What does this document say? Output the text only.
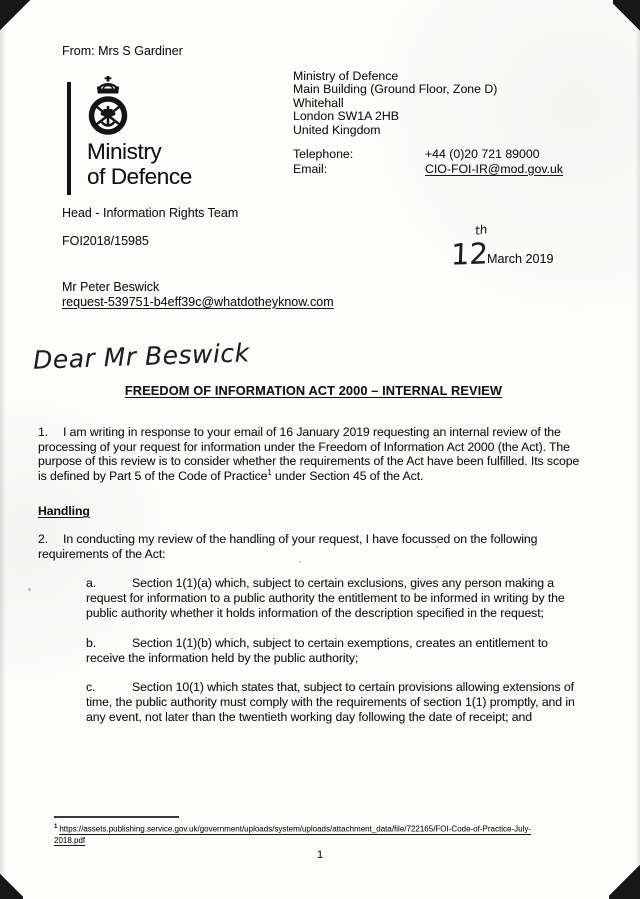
From: Mrs S Gardiner
Ministry
of Defence
Ministry of Defence
Main Building (Ground Floor, Zone D)
Whitehall
London SW1A 2HB
United Kingdom
Telephone:	+44 (0)20 721 89000
Email:	CIO-FOI-IR@mod.gov.uk
Head - Information Rights Team
FOI2018/15985	12
th
March 2019
Mr Peter Beswick
request-539751-b4eff39c@whatdotheyknow.com
Dear Mr Beswick
FREEDOM OF INFORMATION ACT 2000 – INTERNAL REVIEW

1. I am writing in response to your email of 16 January 2019 requesting an internal review of the processing of your request for information under the Freedom of Information Act 2000 (the Act). The purpose of this review is to consider whether the requirements of the Act have been fulfilled. Its scope is defined by Part 5 of the Code of Practice$^1$ under Section 45 of the Act.

Handling

2. In conducting my review of the handling of your request, I have focussed on the following requirements of the Act:

a.	Section 1(1)(a) which, subject to certain exclusions, gives any person making a request for information to a public authority the entitlement to be informed in writing by the public authority whether it holds information of the description specified in the request;

b.	Section 1(1)(b) which, subject to certain exemptions, creates an entitlement to receive the information held by the public authority;

c.	Section 10(1) which states that, subject to certain provisions allowing extensions of time, the public authority must comply with the requirements of section 1(1) promptly, and in any event, not later than the twentieth working day following the date of receipt; and

$^1$ https://assets.publishing.service.gov.uk/government/uploads/system/uploads/attachment_data/file/722165/FOI-Code-of-Practice-July-
2018.pdf
1
